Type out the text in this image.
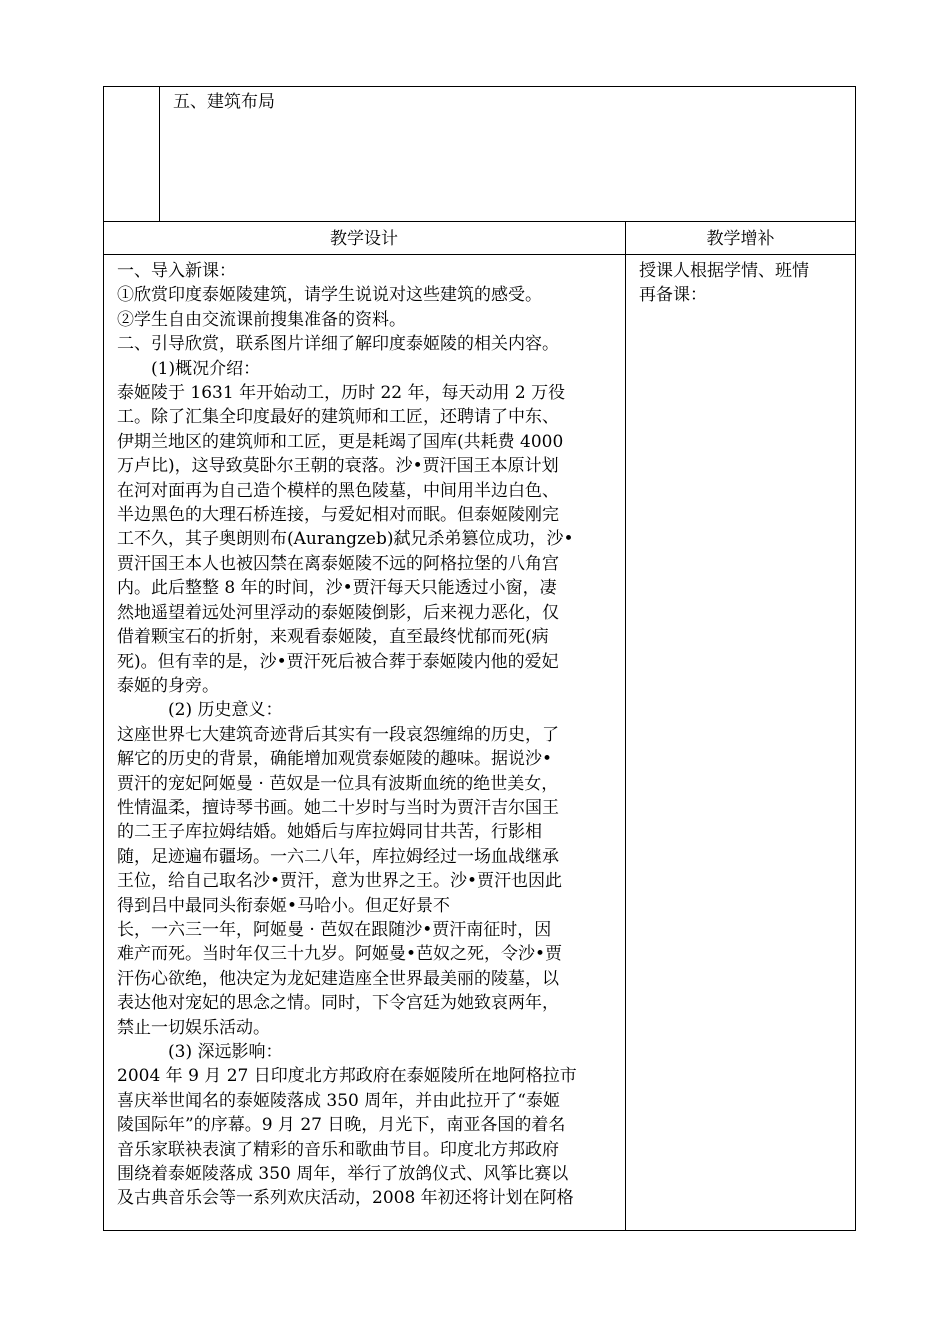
五、建筑布局
教学设计	教学增补
一、导入新课：
①欣赏印度泰姬陵建筑，请学生说说对这些建筑的感受。
②学生自由交流课前搜集准备的资料。
二、引导欣赏，联系图片详细了解印度泰姬陵的相关内容。
　　(1)概况介绍：
泰姬陵于 1631 年开始动工，历时 22 年，每天动用 2 万役
工。除了汇集全印度最好的建筑师和工匠，还聘请了中东、
伊期兰地区的建筑师和工匠，更是耗竭了国库(共耗费 4000
万卢比)，这导致莫卧尔王朝的衰落。沙•贾汗国王本原计划
在河对面再为自己造个模样的黑色陵墓，中间用半边白色、
半边黑色的大理石桥连接，与爱妃相对而眠。但泰姬陵刚完
工不久，其子奥朗则布(Aurangzeb)弑兄杀弟篡位成功，沙•
贾汗国王本人也被囚禁在离泰姬陵不远的阿格拉堡的八角宫
内。此后整整 8 年的时间，沙•贾汗每天只能透过小窗，凄
然地遥望着远处河里浮动的泰姬陵倒影，后来视力恶化，仅
借着颗宝石的折射，来观看泰姬陵，直至最终忧郁而死(病
死)。但有幸的是，沙•贾汗死后被合葬于泰姬陵内他的爱妃
泰姬的身旁。
　　　(2) 历史意义：
这座世界七大建筑奇迹背后其实有一段哀怨缠绵的历史，了
解它的历史的背景，确能增加观赏泰姬陵的趣味。据说沙•
贾汗的宠妃阿姬曼 · 芭奴是一位具有波斯血统的绝世美女，
性情温柔，擅诗琴书画。她二十岁时与当时为贾汗吉尔国王
的二王子库拉姆结婚。她婚后与库拉姆同甘共苦，行影相
随，足迹遍布疆场。一六二八年，库拉姆经过一场血战继承
王位，给自己取名沙•贾汗，意为世界之王。沙•贾汗也因此
得到吕中最同头衔泰姬•马哈小。但疋好景不
长，一六三一年，阿姬曼 · 芭奴在跟随沙•贾汗南征时，因
难产而死。当时年仅三十九岁。阿姬曼•芭奴之死，令沙•贾
汗伤心欲绝，他决定为龙妃建造座全世界最美丽的陵墓，以
表达他对宠妃的思念之情。同时，下令宫廷为她致哀两年，
禁止一切娱乐活动。
　　　(3) 深远影响：
2004 年 9 月 27 日印度北方邦政府在泰姬陵所在地阿格拉市
喜庆举世闻名的泰姬陵落成 350 周年，并由此拉开了“泰姬
陵国际年”的序幕。9 月 27 日晚，月光下，南亚各国的着名
音乐家联袂表演了精彩的音乐和歌曲节目。印度北方邦政府
围绕着泰姬陵落成 350 周年，举行了放鸽仪式、风筝比赛以
及古典音乐会等一系列欢庆活动，2008 年初还将计划在阿格
授课人根据学情、班情
再备课：
